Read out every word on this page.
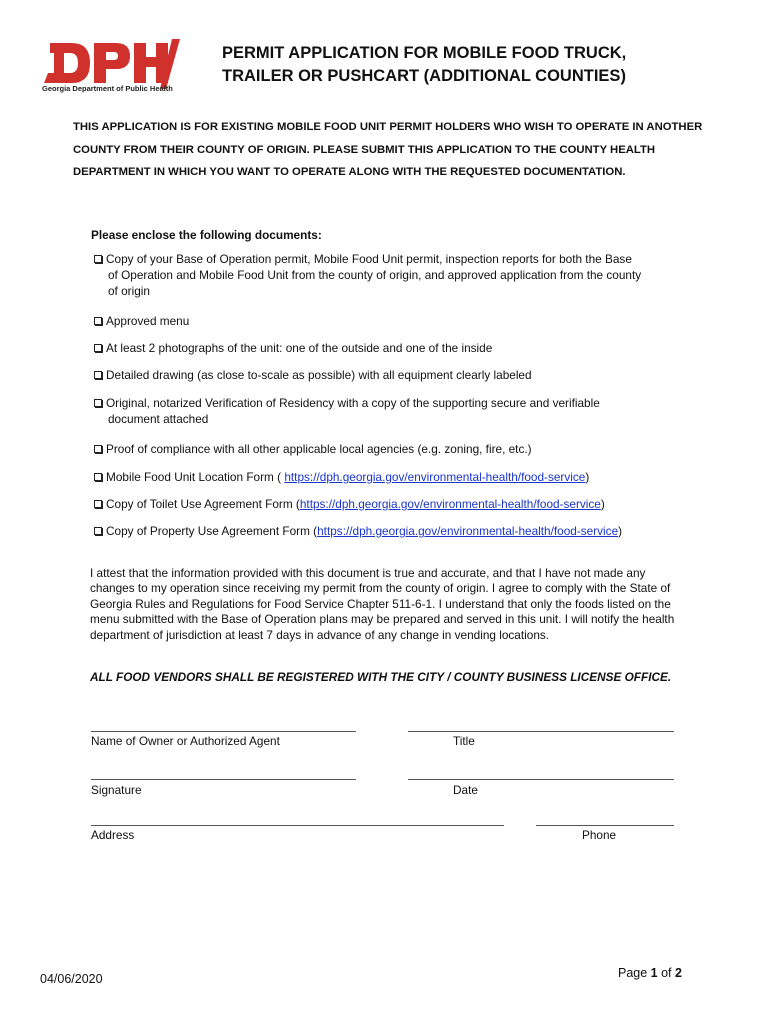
DPH
Georgia Department of Public Health
PERMIT APPLICATION FOR MOBILE FOOD TRUCK,
TRAILER OR PUSHCART (ADDITIONAL COUNTIES)
THIS APPLICATION IS FOR EXISTING MOBILE FOOD UNIT PERMIT HOLDERS WHO WISH TO OPERATE IN ANOTHER COUNTY FROM THEIR COUNTY OF ORIGIN. PLEASE SUBMIT THIS APPLICATION TO THE COUNTY HEALTH DEPARTMENT IN WHICH YOU WANT TO OPERATE ALONG WITH THE REQUESTED DOCUMENTATION.
Please enclose the following documents:
Copy of your Base of Operation permit, Mobile Food Unit permit, inspection reports for both the Base
of Operation and Mobile Food Unit from the county of origin, and approved application from the county
of origin
Approved menu
At least 2 photographs of the unit: one of the outside and one of the inside
Detailed drawing (as close to-scale as possible) with all equipment clearly labeled
Original, notarized Verification of Residency with a copy of the supporting secure and verifiable
document attached
Proof of compliance with all other applicable local agencies (e.g. zoning, fire, etc.)
Mobile Food Unit Location Form ( https://dph.georgia.gov/environmental-health/food-service)
Copy of Toilet Use Agreement Form (https://dph.georgia.gov/environmental-health/food-service)
Copy of Property Use Agreement Form (https://dph.georgia.gov/environmental-health/food-service)
I attest that the information provided with this document is true and accurate, and that I have not made any changes to my operation since receiving my permit from the county of origin. I agree to comply with the State of Georgia Rules and Regulations for Food Service Chapter 511-6-1. I understand that only the foods listed on the menu submitted with the Base of Operation plans may be prepared and served in this unit. I will notify the health department of jurisdiction at least 7 days in advance of any change in vending locations.
ALL FOOD VENDORS SHALL BE REGISTERED WITH THE CITY / COUNTY BUSINESS LICENSE OFFICE.
Name of Owner or Authorized Agent	Title
Signature	Date
Address	Phone
04/06/2020	Page 1 of 2
